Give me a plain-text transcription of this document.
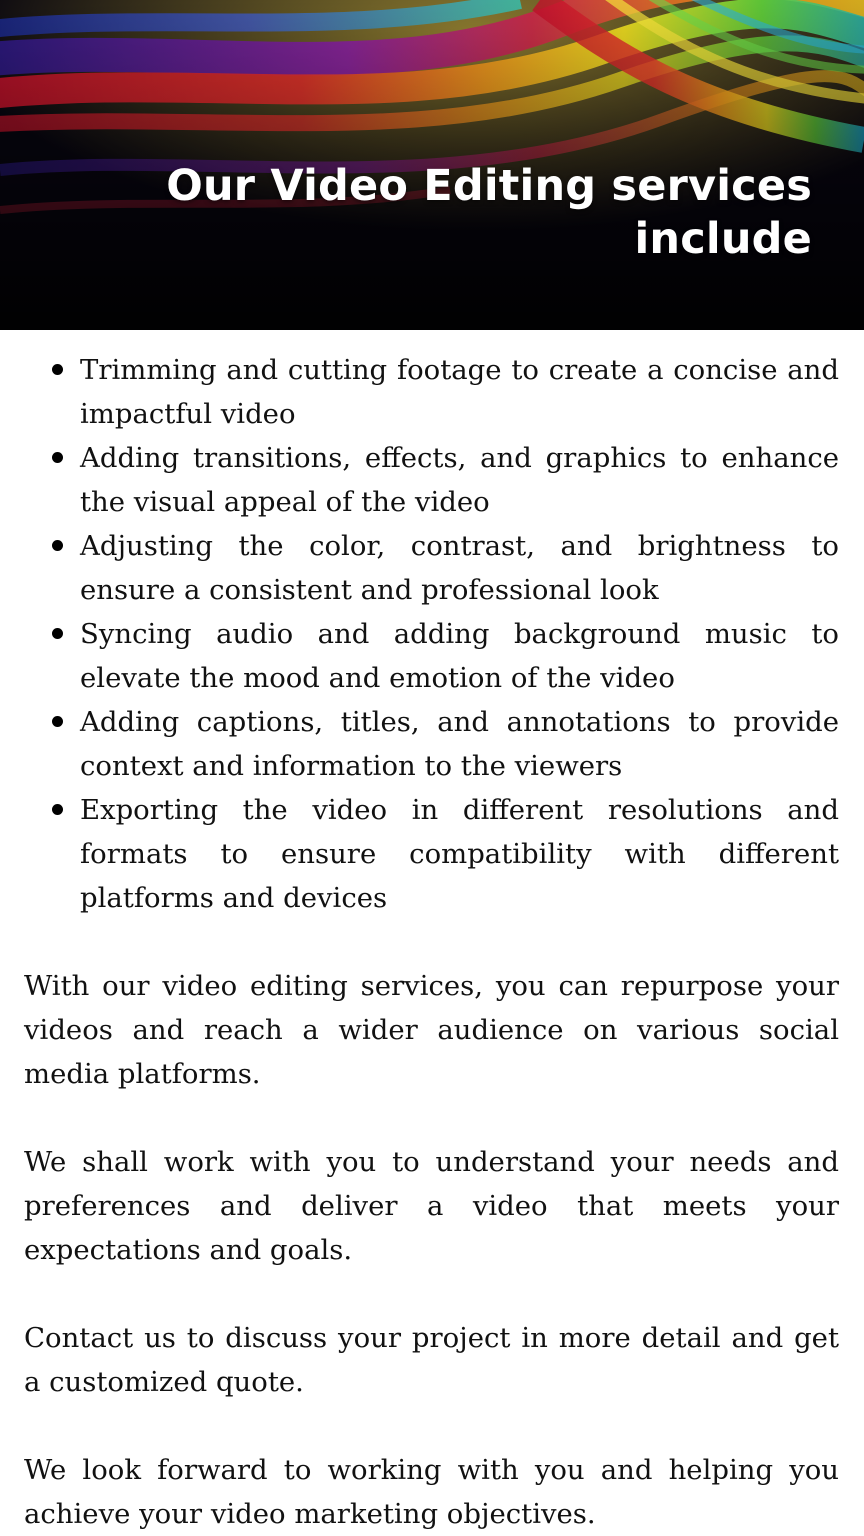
Our Video Editing services include
Trimming and cutting footage to create a concise and impactful video
Adding transitions, effects, and graphics to enhance the visual appeal of the video
Adjusting the color, contrast, and brightness to ensure a consistent and professional look
Syncing audio and adding background music to elevate the mood and emotion of the video
Adding captions, titles, and annotations to provide context and information to the viewers
Exporting the video in different resolutions and formats to ensure compatibility with different platforms and devices

With our video editing services, you can repurpose your videos and reach a wider audience on various social media platforms.

We shall work with you to understand your needs and preferences and deliver a video that meets your expectations and goals.

Contact us to discuss your project in more detail and get a customized quote.

We look forward to working with you and helping you achieve your video marketing objectives.
